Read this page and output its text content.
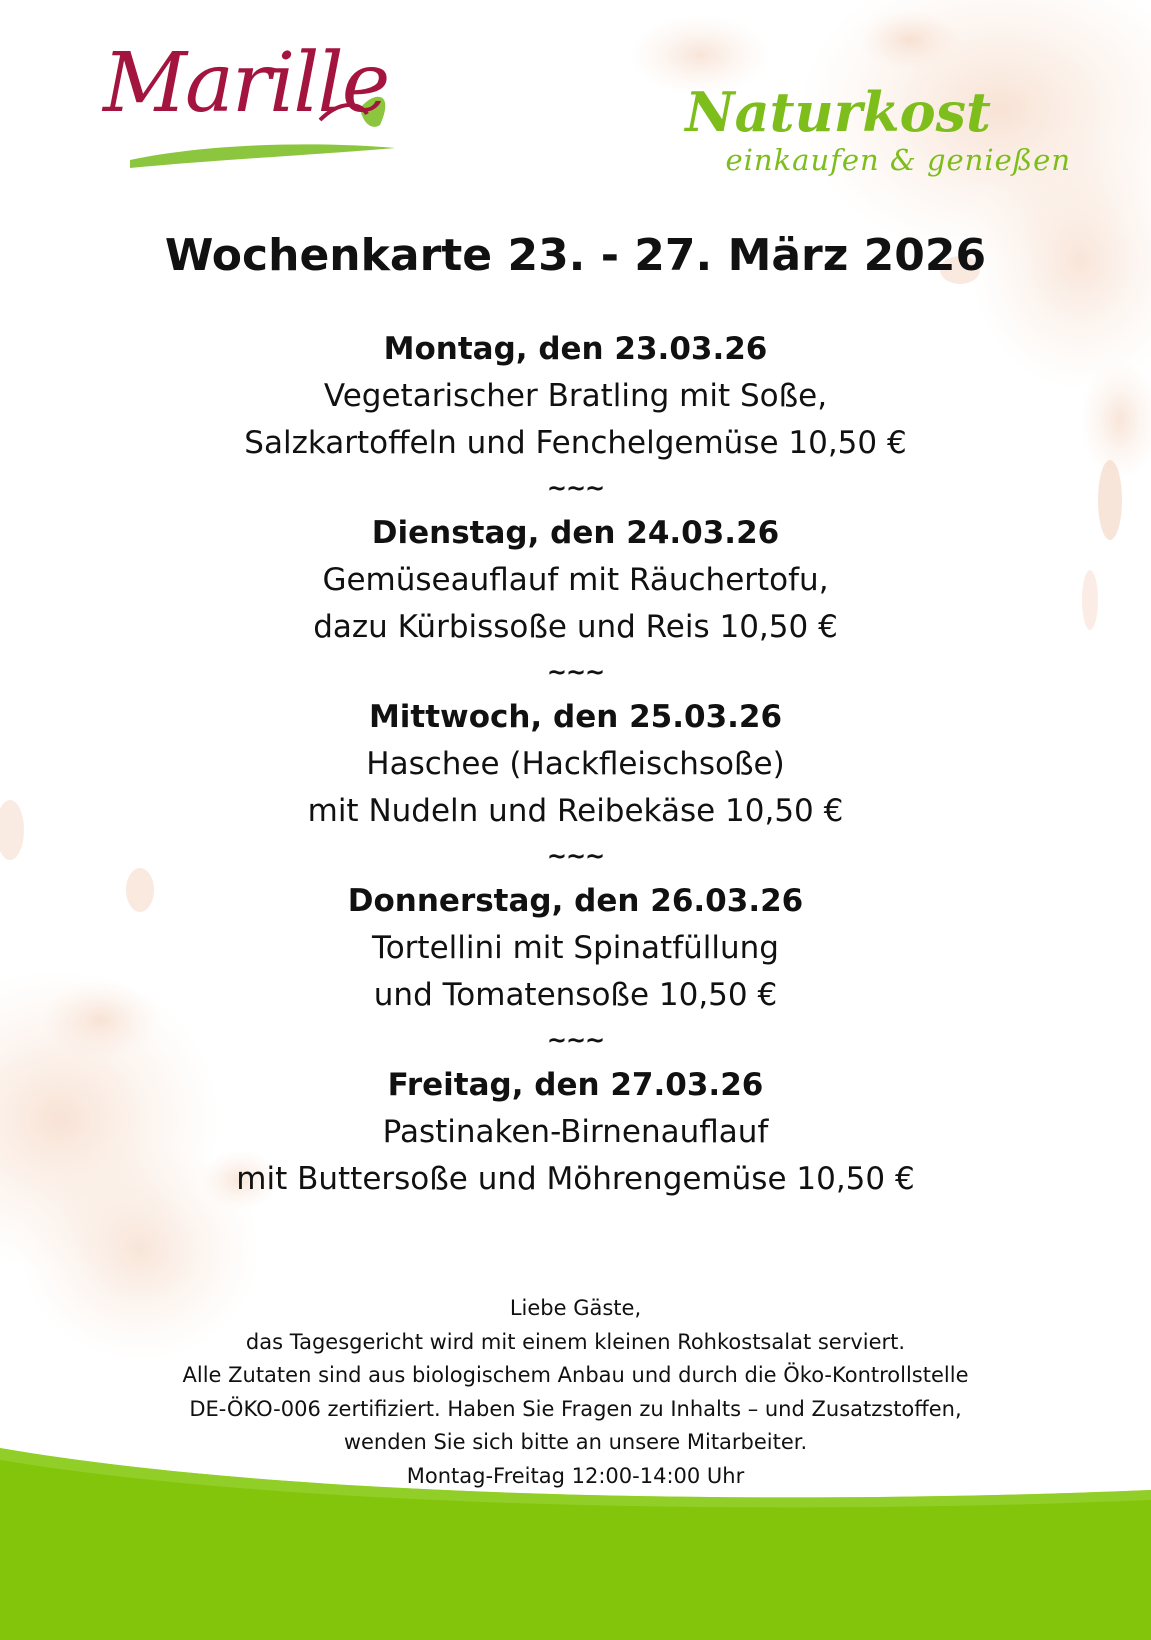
Marille	Naturkost
einkaufen & genießen
Wochenkarte 23. - 27. März 2026
Montag, den 23.03.26
Vegetarischer Bratling mit Soße,
Salzkartoffeln und Fenchelgemüse 10,50 €
~~~
Dienstag, den 24.03.26
Gemüseauflauf mit Räuchertofu,
dazu Kürbissoße und Reis 10,50 €
~~~
Mittwoch, den 25.03.26
Haschee (Hackfleischsoße)
mit Nudeln und Reibekäse 10,50 €
~~~
Donnerstag, den 26.03.26
Tortellini mit Spinatfüllung
und Tomatensoße 10,50 €
~~~
Freitag, den 27.03.26
Pastinaken-Birnenauflauf
mit Buttersoße und Möhrengemüse 10,50 €
Liebe Gäste,
das Tagesgericht wird mit einem kleinen Rohkostsalat serviert.
Alle Zutaten sind aus biologischem Anbau und durch die Öko-Kontrollstelle
DE-ÖKO-006 zertifiziert. Haben Sie Fragen zu Inhalts – und Zusatzstoffen,
wenden Sie sich bitte an unsere Mitarbeiter.
Montag-Freitag 12:00-14:00 Uhr
